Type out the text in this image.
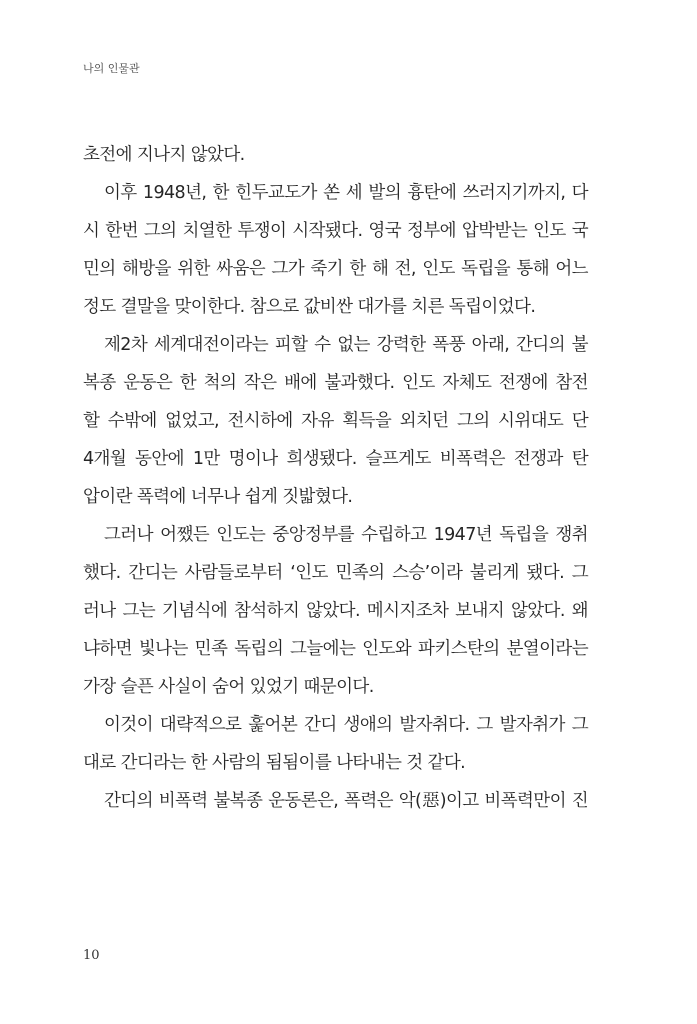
나의 인물관
초전에 지나지 않았다.
이후 1948년, 한 힌두교도가 쏜 세 발의 흉탄에 쓰러지기까지, 다
시 한번 그의 치열한 투쟁이 시작됐다. 영국 정부에 압박받는 인도 국
민의 해방을 위한 싸움은 그가 죽기 한 해 전, 인도 독립을 통해 어느
정도 결말을 맞이한다. 참으로 값비싼 대가를 치른 독립이었다.
제2차 세계대전이라는 피할 수 없는 강력한 폭풍 아래, 간디의 불
복종 운동은 한 척의 작은 배에 불과했다. 인도 자체도 전쟁에 참전
할 수밖에 없었고, 전시하에 자유 획득을 외치던 그의 시위대도 단
4개월 동안에 1만 명이나 희생됐다. 슬프게도 비폭력은 전쟁과 탄
압이란 폭력에 너무나 쉽게 짓밟혔다.
그러나 어쨌든 인도는 중앙정부를 수립하고 1947년 독립을 쟁취
했다. 간디는 사람들로부터 ‘인도 민족의 스승’이라 불리게 됐다. 그
러나 그는 기념식에 참석하지 않았다. 메시지조차 보내지 않았다. 왜
냐하면 빛나는 민족 독립의 그늘에는 인도와 파키스탄의 분열이라는
가장 슬픈 사실이 숨어 있었기 때문이다.
이것이 대략적으로 훑어본 간디 생애의 발자취다. 그 발자취가 그
대로 간디라는 한 사람의 됨됨이를 나타내는 것 같다.
간디의 비폭력 불복종 운동론은, 폭력은 악(惡)이고 비폭력만이 진
10
